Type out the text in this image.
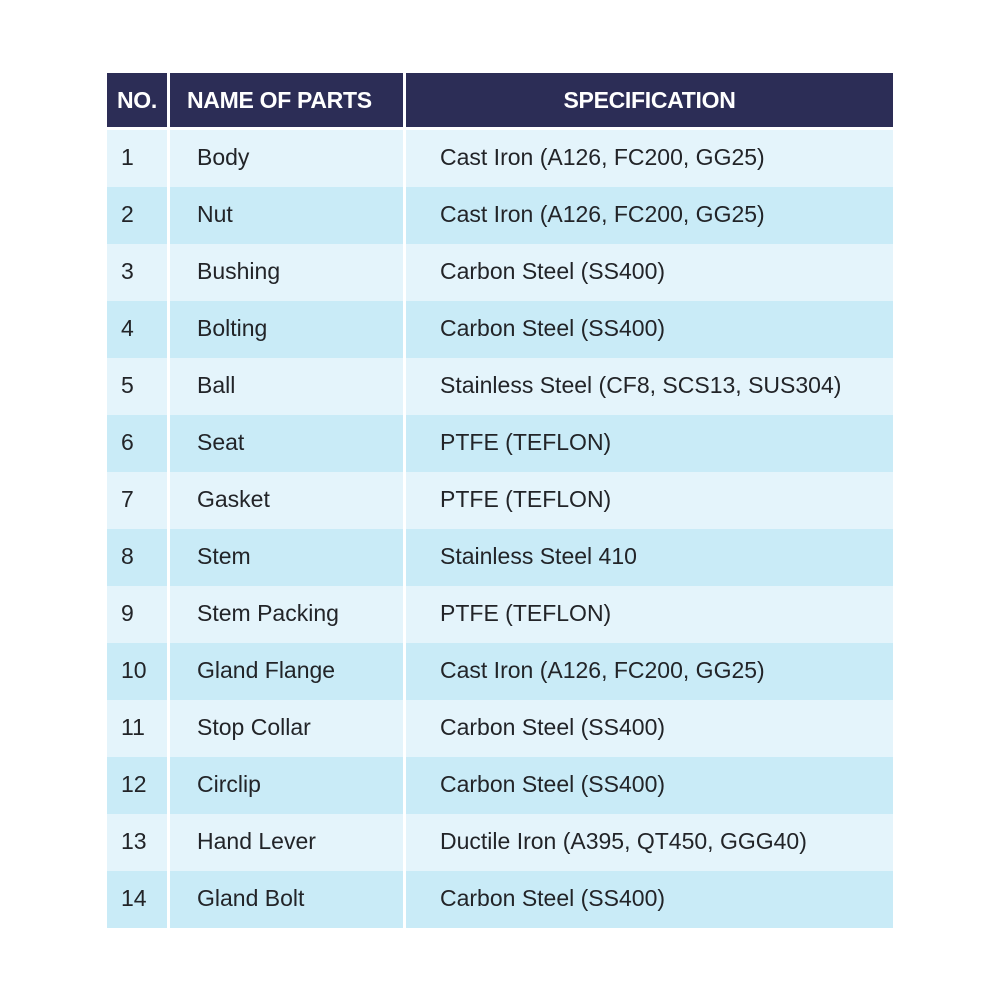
NO.	NAME OF PARTS	SPECIFICATION
1	Body	Cast Iron (A126, FC200, GG25)
2	Nut	Cast Iron (A126, FC200, GG25)
3	Bushing	Carbon Steel (SS400)
4	Bolting	Carbon Steel (SS400)
5	Ball	Stainless Steel (CF8, SCS13, SUS304)
6	Seat	PTFE (TEFLON)
7	Gasket	PTFE (TEFLON)
8	Stem	Stainless Steel 410
9	Stem Packing	PTFE (TEFLON)
10	Gland Flange	Cast Iron (A126, FC200, GG25)
11	Stop Collar	Carbon Steel (SS400)
12	Circlip	Carbon Steel (SS400)
13	Hand Lever	Ductile Iron (A395, QT450, GGG40)
14	Gland Bolt	Carbon Steel (SS400)
